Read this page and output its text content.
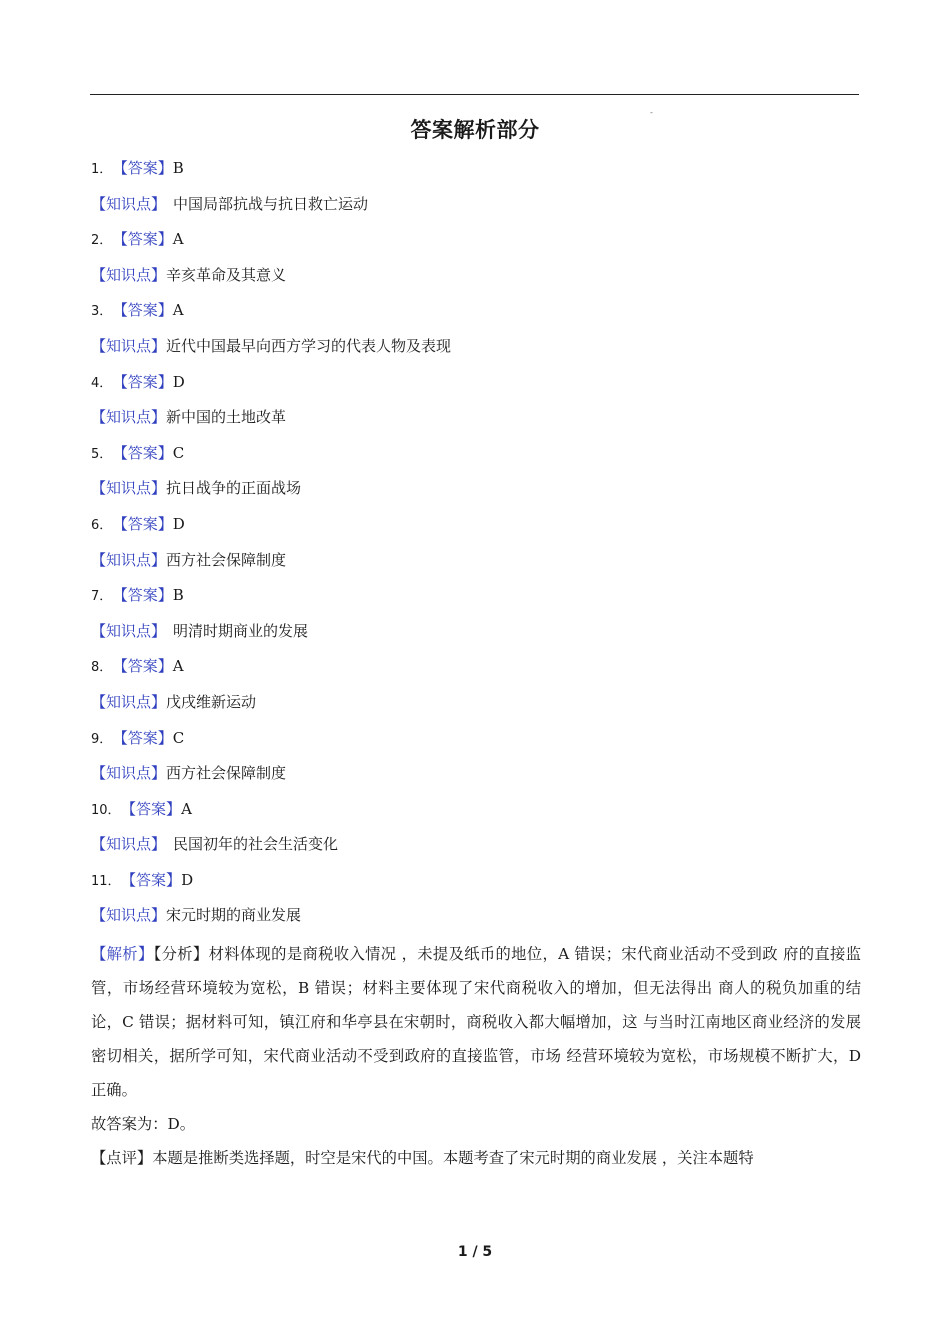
-
答案解析部分
1． 【答案】B
【知识点】 中国局部抗战与抗日救亡运动
2． 【答案】A
【知识点】辛亥革命及其意义
3． 【答案】A
【知识点】近代中国最早向西方学习的代表人物及表现
4． 【答案】D
【知识点】新中国的土地改革
5． 【答案】C
【知识点】抗日战争的正面战场
6． 【答案】D
【知识点】西方社会保障制度
7． 【答案】B
【知识点】 明清时期商业的发展
8． 【答案】A
【知识点】戊戌维新运动
9． 【答案】C
【知识点】西方社会保障制度
10． 【答案】A
【知识点】 民国初年的社会生活变化
11． 【答案】D
【知识点】宋元时期的商业发展

【解析】【分析】材料体现的是商税收入情况 ，未提及纸币的地位，A 错误；宋代商业活动不受到政 府的直接监管，市场经营环境较为宽松，B 错误；材料主要体现了宋代商税收入的增加，但无法得出 商人的税负加重的结论，C 错误；据材料可知，镇江府和华亭县在宋朝时，商税收入都大幅增加，这 与当时江南地区商业经济的发展密切相关，据所学可知，宋代商业活动不受到政府的直接监管，市场 经营环境较为宽松，市场规模不断扩大，D 正确。

故答案为：D。

【点评】本题是推断类选择题，时空是宋代的中国。本题考查了宋元时期的商业发展 ，关注本题特

1 / 5
